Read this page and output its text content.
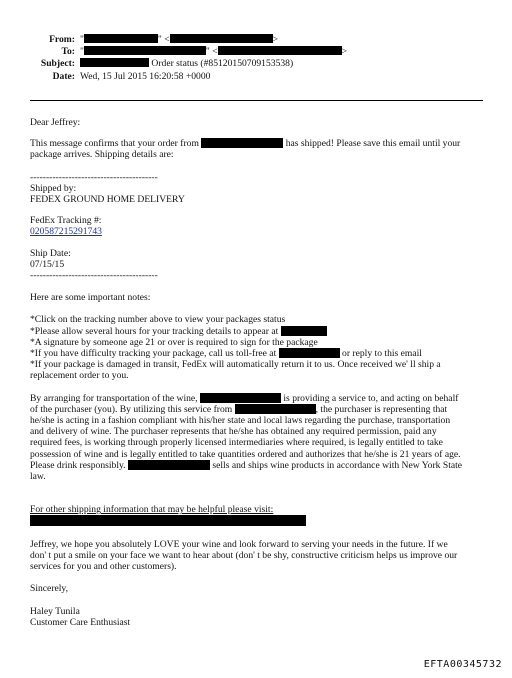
From: "	" <	>
To: "	" <	>
Subject:	Order status (#85120150709153538)
Date: Wed, 15 Jul 2015 16:20:58 +0000

Dear Jeffrey:

This message confirms that your order from	has shipped! Please save this email until your

package arrives. Shipping details are:

----------------------------------------

Shipped by:

FEDEX GROUND HOME DELIVERY

FedEx Tracking #:

020587215291743

Ship Date:

07/15/15

----------------------------------------

Here are some important notes:

*Click on the tracking number above to view your packages status

*Please allow several hours for your tracking details to appear at

*A signature by someone age 21 or over is required to sign for the package

*If you have difficulty tracking your package, call us toll-free at	or reply to this email

*If your package is damaged in transit, FedEx will automatically return it to us. Once received we' ll ship a

replacement order to you.

By arranging for transportation of the wine,	is providing a service to, and acting on behalf

of the purchaser (you). By utilizing this service from	, the purchaser is representing that

he/she is acting in a fashion compliant with his/her state and local laws regarding the purchase, transportation

and delivery of wine. The purchaser represents that he/she has obtained any required permission, paid any

required fees, is working through properly licensed intermediaries where required, is legally entitled to take

possession of wine and is legally entitled to take quantities ordered and authorizes that he/she is 21 years of age.

Please drink responsibly.	sells and ships wine products in accordance with New York State

law.

For other shipping information that may be helpful please visit:

Jeffrey, we hope you absolutely LOVE your wine and look forward to serving your needs in the future. If we

don' t put a smile on your face we want to hear about (don' t be shy, constructive criticism helps us improve our

services for you and other customers).

Sincerely,

Haley Tunila

Customer Care Enthusiast

EFTA00345732
